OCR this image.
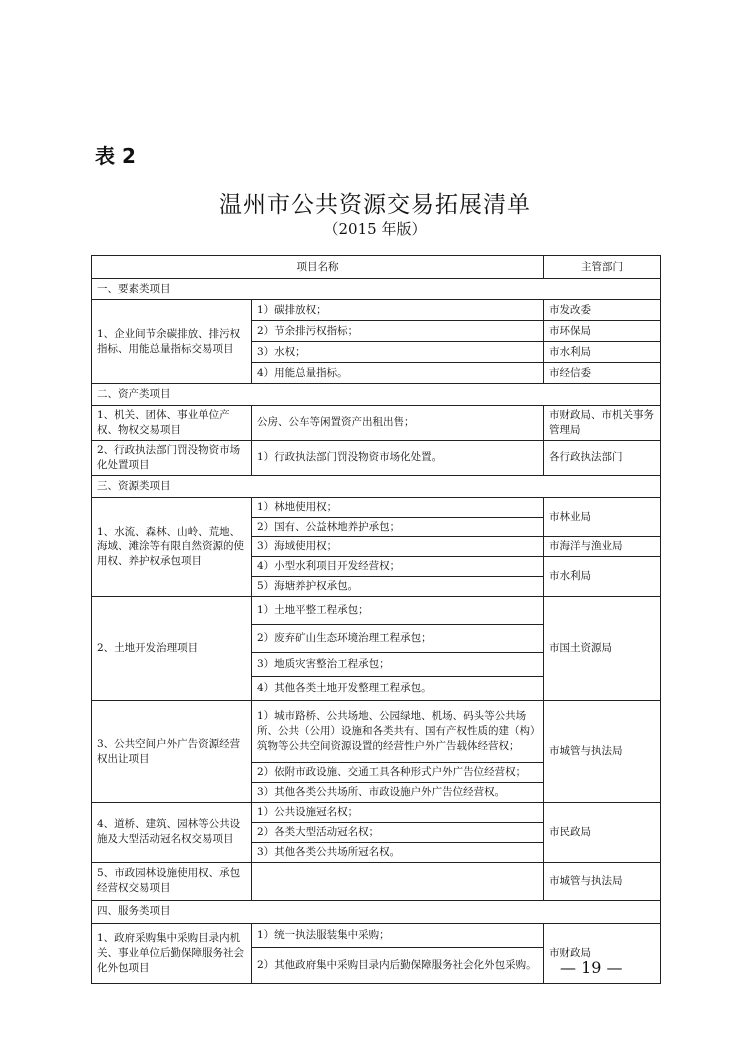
表 2
温州市公共资源交易拓展清单
（2015 年版）
项目名称		主管部门
一、要素类项目		
1、企业间节余碳排放、排污权指标、用能总量指标交易项目	1）碳排放权；	市发改委
	2）节余排污权指标；	市环保局
	3）水权；	市水利局
	4）用能总量指标。	市经信委
二、资产类项目		
1、机关、团体、事业单位产权、物权交易项目	公房、公车等闲置资产出租出售；	市财政局、市机关事务管理局
2、行政执法部门罚没物资市场化处置项目	1）行政执法部门罚没物资市场化处置。	各行政执法部门
三、资源类项目		
1、水流、森林、山岭、荒地、海域、滩涂等有限自然资源的使用权、养护权承包项目	1）林地使用权；	市林业局
	2）国有、公益林地养护承包；	
	3）海域使用权；	市海洋与渔业局
	4）小型水利项目开发经营权；	市水利局
	5）海塘养护权承包。	
2、土地开发治理项目	1）土地平整工程承包；	市国土资源局
	2）废弃矿山生态环境治理工程承包；	
	3）地质灾害整治工程承包；	
	4）其他各类土地开发整理工程承包。	
3、公共空间户外广告资源经营权出让项目	1）城市路桥、公共场地、公园绿地、机场、码头等公共场所、公共（公用）设施和各类共有、国有产权性质的建（构）筑物等公共空间资源设置的经营性户外广告载体经营权；	市城管与执法局
	2）依附市政设施、交通工具各种形式户外广告位经营权；	
	3）其他各类公共场所、市政设施户外广告位经营权。	
4、道桥、建筑、园林等公共设施及大型活动冠名权交易项目	1）公共设施冠名权；	市民政局
	2）各类大型活动冠名权；	
	3）其他各类公共场所冠名权。	
5、市政园林设施使用权、承包经营权交易项目		市城管与执法局
四、服务类项目		
1、政府采购集中采购目录内机关、事业单位后勤保障服务社会化外包项目	1）统一执法服装集中采购；	市财政局
	2）其他政府集中采购目录内后勤保障服务社会化外包采购。	— 19 —
